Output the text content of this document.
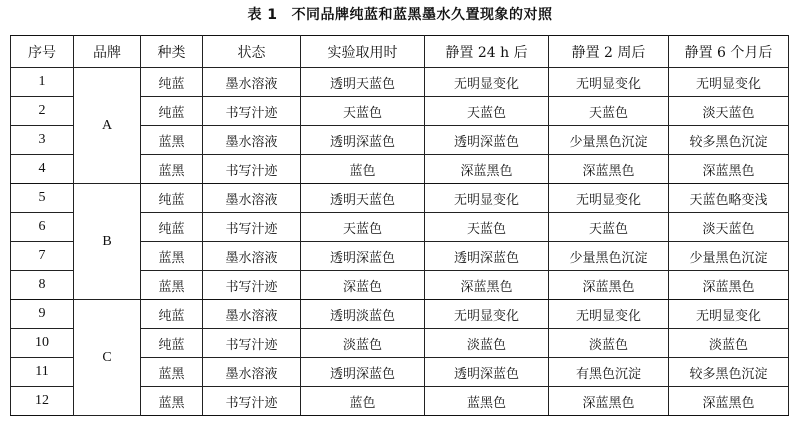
表 1 不同品牌纯蓝和蓝黑墨水久置现象的对照
序号	品牌	种类	状态	实验取用时	静置 24 h 后	静置 2 周后	静置 6 个月后
1	A	纯蓝	墨水溶液	透明天蓝色	无明显变化	无明显变化	无明显变化
2		纯蓝	书写汁迹	天蓝色	天蓝色	天蓝色	淡天蓝色
3		蓝黑	墨水溶液	透明深蓝色	透明深蓝色	少量黑色沉淀	较多黑色沉淀
4		蓝黑	书写汁迹	蓝色	深蓝黑色	深蓝黑色	深蓝黑色
5	B	纯蓝	墨水溶液	透明天蓝色	无明显变化	无明显变化	天蓝色略变浅
6		纯蓝	书写汁迹	天蓝色	天蓝色	天蓝色	淡天蓝色
7		蓝黑	墨水溶液	透明深蓝色	透明深蓝色	少量黑色沉淀	少量黑色沉淀
8		蓝黑	书写汁迹	深蓝色	深蓝黑色	深蓝黑色	深蓝黑色
9	C	纯蓝	墨水溶液	透明淡蓝色	无明显变化	无明显变化	无明显变化
10		纯蓝	书写汁迹	淡蓝色	淡蓝色	淡蓝色	淡蓝色
11		蓝黑	墨水溶液	透明深蓝色	透明深蓝色	有黑色沉淀	较多黑色沉淀
12		蓝黑	书写汁迹	蓝色	蓝黑色	深蓝黑色	深蓝黑色
